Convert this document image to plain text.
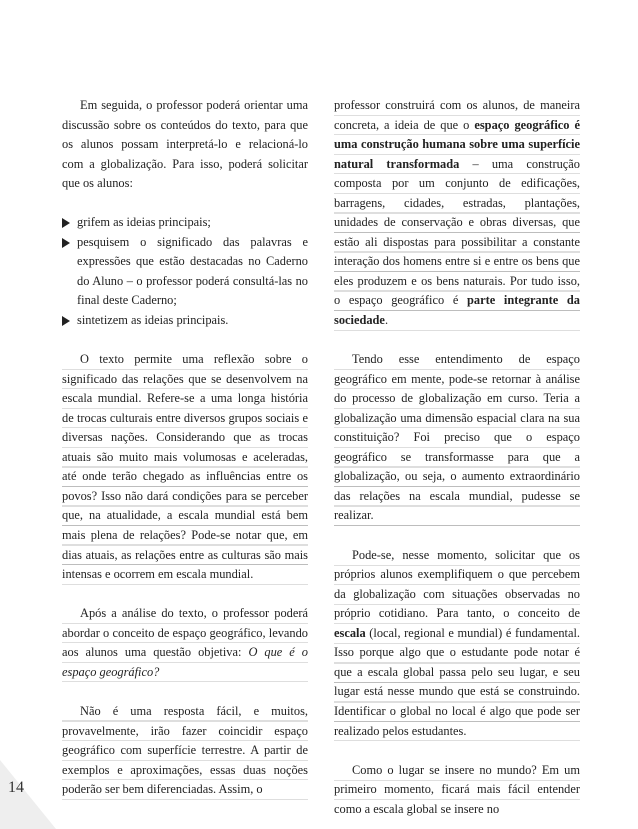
Em seguida, o professor poderá orientar uma discussão sobre os conteúdos do texto, para que os alunos possam interpretá-lo e relacioná-lo com a globalização. Para isso, poderá solicitar que os alunos:

grifem as ideias principais;
pesquisem o significado das palavras e expressões que estão destacadas no Caderno do Aluno – o professor poderá consultá-las no final deste Caderno;
sintetizem as ideias principais.

O texto permite uma reflexão sobre o significado das relações que se desenvolvem na escala mundial. Refere-se a uma longa história de trocas culturais entre diversos grupos sociais e diversas nações. Considerando que as trocas atuais são muito mais volumosas e aceleradas, até onde terão chegado as influências entre os povos? Isso não dará condições para se perceber que, na atualidade, a escala mundial está bem mais plena de relações? Pode-se notar que, em dias atuais, as relações entre as culturas são mais intensas e ocorrem em escala mundial.

Após a análise do texto, o professor poderá abordar o conceito de espaço geográfico, levando aos alunos uma questão objetiva: O que é o espaço geográfico?

Não é uma resposta fácil, e muitos, provavelmente, irão fazer coincidir espaço geográfico com superfície terrestre. A partir de exemplos e aproximações, essas duas noções poderão ser bem diferenciadas. Assim, o

professor construirá com os alunos, de maneira concreta, a ideia de que o espaço geográfico é uma construção humana sobre uma superfície natural transformada – uma construção composta por um conjunto de edificações, barragens, cidades, estradas, plantações, unidades de conservação e obras diversas, que estão ali dispostas para possibilitar a constante interação dos homens entre si e entre os bens que eles produzem e os bens naturais. Por tudo isso, o espaço geográfico é parte integrante da sociedade.

Tendo esse entendimento de espaço geográfico em mente, pode-se retornar à análise do processo de globalização em curso. Teria a globalização uma dimensão espacial clara na sua constituição? Foi preciso que o espaço geográfico se transformasse para que a globalização, ou seja, o aumento extraordinário das relações na escala mundial, pudesse se realizar.

Pode-se, nesse momento, solicitar que os próprios alunos exemplifiquem o que percebem da globalização com situações observadas no próprio cotidiano. Para tanto, o conceito de escala (local, regional e mundial) é fundamental. Isso porque algo que o estudante pode notar é que a escala global passa pelo seu lugar, e seu lugar está nesse mundo que está se construindo. Identificar o global no local é algo que pode ser realizado pelos estudantes.

Como o lugar se insere no mundo? Em um primeiro momento, ficará mais fácil entender como a escala global se insere no

14
